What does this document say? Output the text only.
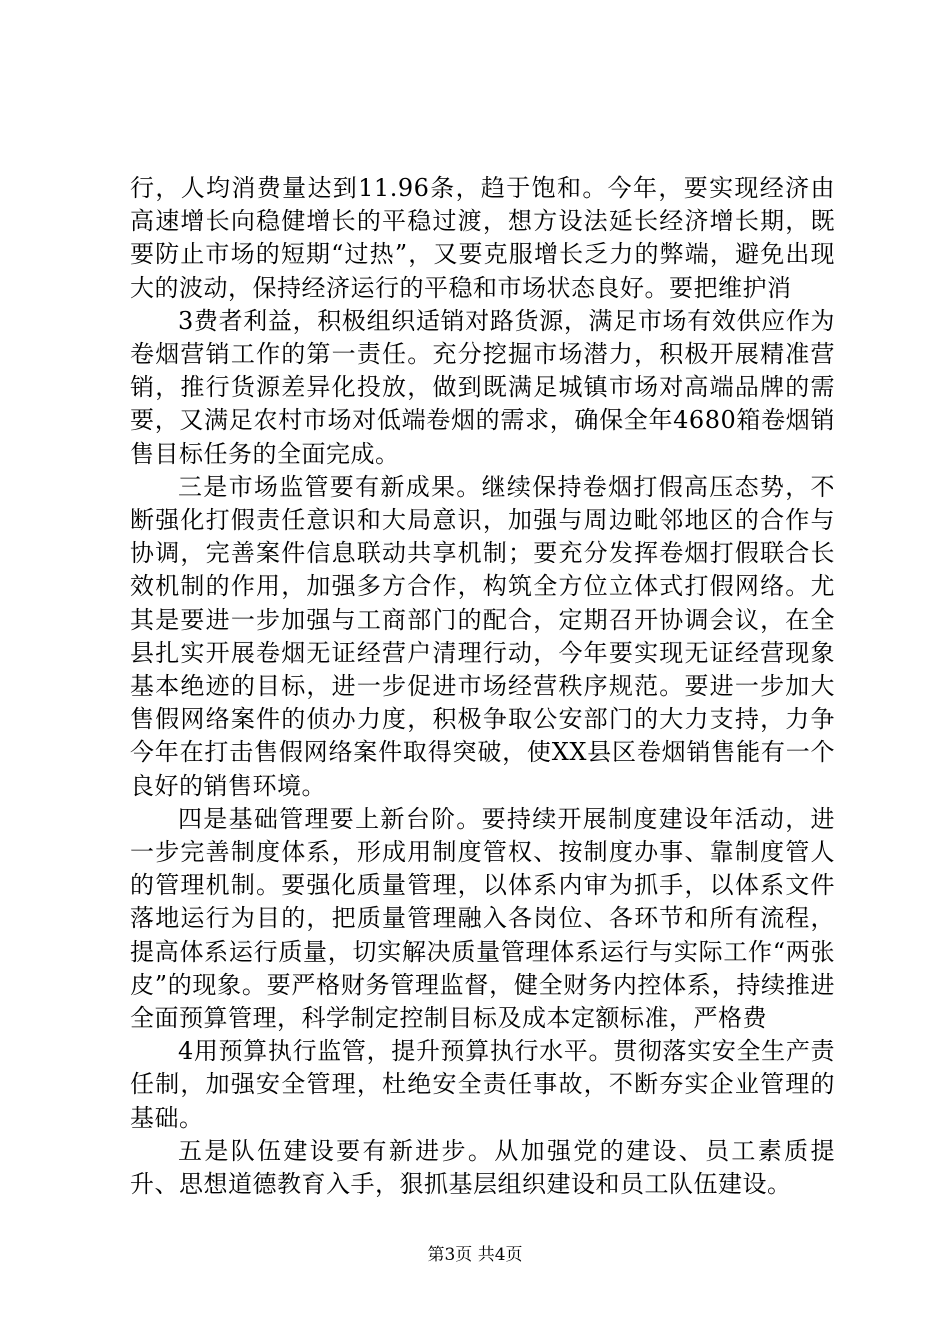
行，人均消费量达到11.96条，趋于饱和。今年，要实现经济由高速增长向稳健增长的平稳过渡，想方设法延长经济增长期，既要防止市场的短期“过热”，又要克服增长乏力的弊端，避免出现大的波动，保持经济运行的平稳和市场状态良好。要把维护消

3费者利益，积极组织适销对路货源，满足市场有效供应作为卷烟营销工作的第一责任。充分挖掘市场潜力，积极开展精准营销，推行货源差异化投放，做到既满足城镇市场对高端品牌的需要，又满足农村市场对低端卷烟的需求，确保全年4680箱卷烟销售目标任务的全面完成。

三是市场监管要有新成果。继续保持卷烟打假高压态势，不断强化打假责任意识和大局意识，加强与周边毗邻地区的合作与协调，完善案件信息联动共享机制；要充分发挥卷烟打假联合长效机制的作用，加强多方合作，构筑全方位立体式打假网络。尤其是要进一步加强与工商部门的配合，定期召开协调会议，在全县扎实开展卷烟无证经营户清理行动，今年要实现无证经营现象基本绝迹的目标，进一步促进市场经营秩序规范。要进一步加大售假网络案件的侦办力度，积极争取公安部门的大力支持，力争今年在打击售假网络案件取得突破，使XX县区卷烟销售能有一个良好的销售环境。

四是基础管理要上新台阶。要持续开展制度建设年活动，进一步完善制度体系，形成用制度管权、按制度办事、靠制度管人的管理机制。要强化质量管理，以体系内审为抓手，以体系文件落地运行为目的，把质量管理融入各岗位、各环节和所有流程，提高体系运行质量，切实解决质量管理体系运行与实际工作“两张皮”的现象。要严格财务管理监督，健全财务内控体系，持续推进全面预算管理，科学制定控制目标及成本定额标准，严格费

4用预算执行监管，提升预算执行水平。贯彻落实安全生产责任制，加强安全管理，杜绝安全责任事故，不断夯实企业管理的基础。

五是队伍建设要有新进步。从加强党的建设、员工素质提升、思想道德教育入手，狠抓基层组织建设和员工队伍建设。

第3页 共4页
